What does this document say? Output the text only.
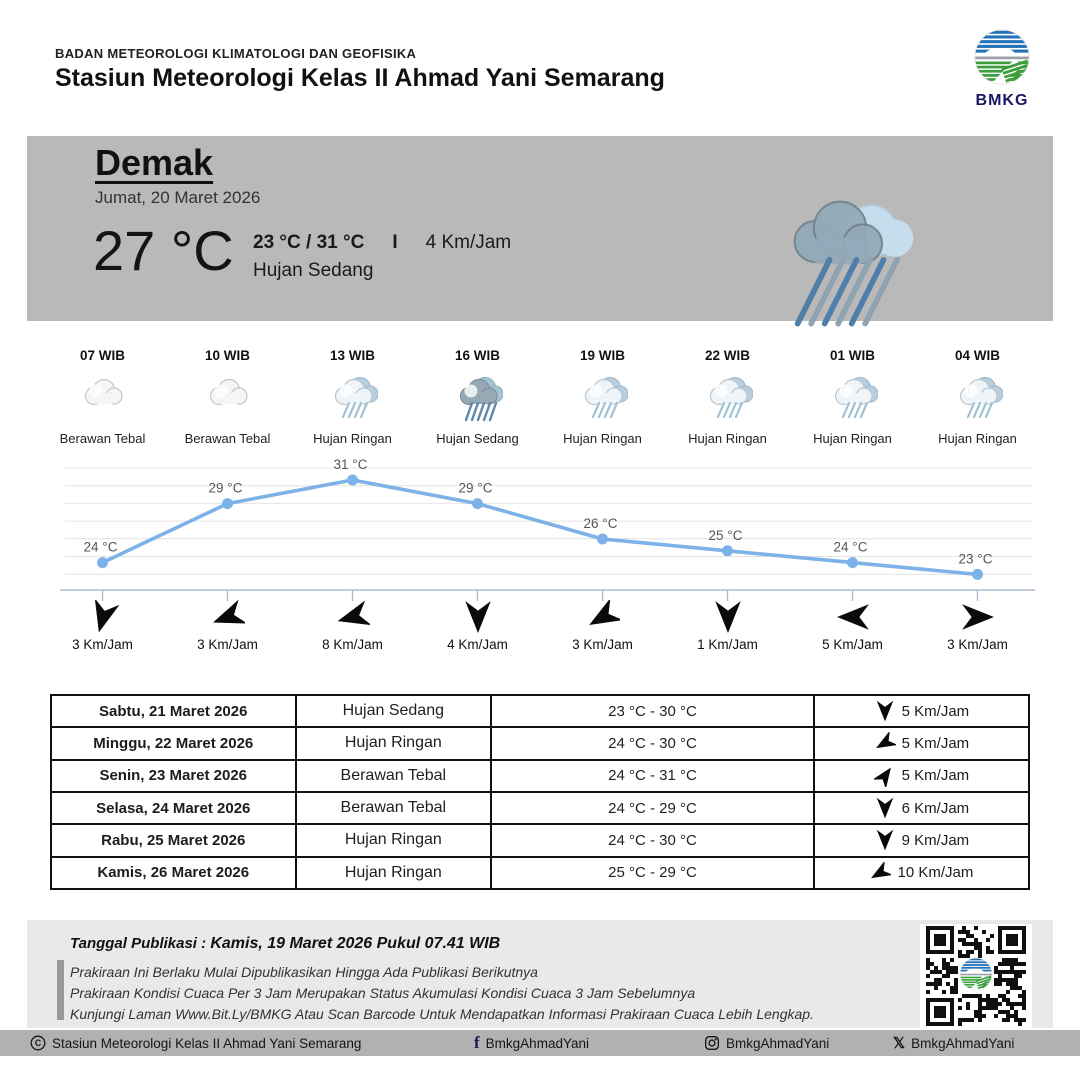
BADAN METEOROLOGI KLIMATOLOGI DAN GEOFISIKA
Stasiun Meteorologi Kelas II Ahmad Yani Semarang
BMKG
Demak
Jumat, 20 Maret 2026
27 °C 23 °C / 31 °C	I	4 Km/Jam
Hujan Sedang
07 WIB
Berawan Tebal
10 WIB
Berawan Tebal
13 WIB
Hujan Ringan
16 WIB
Hujan Sedang
19 WIB
Hujan Ringan
22 WIB
Hujan Ringan
01 WIB
Hujan Ringan
04 WIB
Hujan Ringan
24 °C
29 °C
31 °C
29 °C
26 °C
25 °C
24 °C
23 °C
3 Km/Jam	3 Km/Jam	8 Km/Jam	4 Km/Jam	3 Km/Jam	1 Km/Jam	5 Km/Jam	3 Km/Jam
Sabtu, 21 Maret 2026	Hujan Sedang	23 °C - 30 °C	5 Km/Jam

Minggu, 22 Maret 2026	Hujan Ringan	24 °C - 30 °C	5 Km/Jam

Senin, 23 Maret 2026	Berawan Tebal	24 °C - 31 °C	5 Km/Jam

Selasa, 24 Maret 2026	Berawan Tebal	24 °C - 29 °C	6 Km/Jam

Rabu, 25 Maret 2026	Hujan Ringan	24 °C - 30 °C	9 Km/Jam

Kamis, 26 Maret 2026	Hujan Ringan	25 °C - 29 °C	10 Km/Jam
Tanggal Publikasi : Kamis, 19 Maret 2026 Pukul 07.41 WIB
Prakiraan Ini Berlaku Mulai Dipublikasikan Hingga Ada Publikasi Berikutnya
Prakiraan Kondisi Cuaca Per 3 Jam Merupakan Status Akumulasi Kondisi Cuaca 3 Jam Sebelumnya
Kunjungi Laman Www.Bit.Ly/BMKG Atau Scan Barcode Untuk Mendapatkan Informasi Prakiraan Cuaca Lebih Lengkap.
C Stasiun Meteorologi Kelas II Ahmad Yani Semarang	f BmkgAhmadYani	BmkgAhmadYani	𝕏 BmkgAhmadYani
